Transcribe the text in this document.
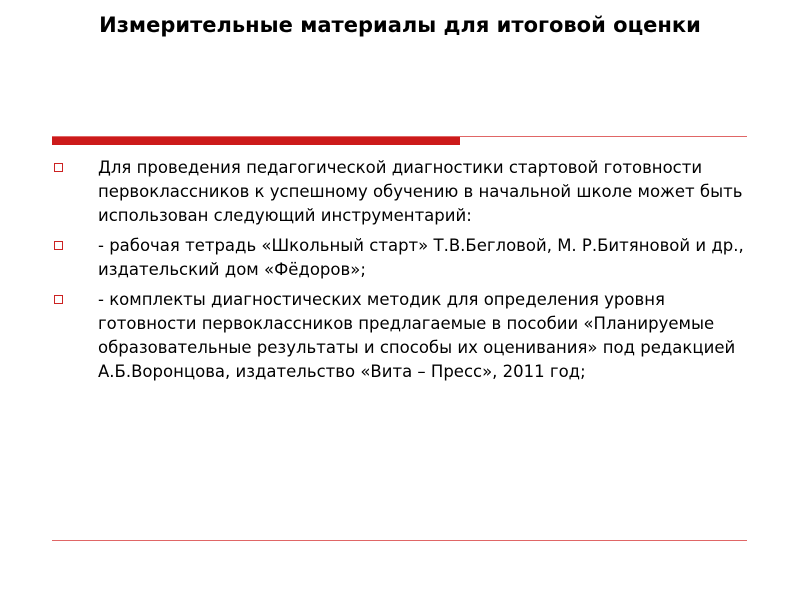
Измерительные материалы для итоговой оценки
Для проведения педагогической диагностики стартовой готовности первоклассников к успешному обучению в начальной школе может быть использован следующий инструментарий:
- рабочая тетрадь «Школьный старт» Т.В.Бегловой, М. Р.Битяновой и др., издательский дом «Фёдоров»;
- комплекты диагностических методик для определения уровня готовности первоклассников предлагаемые в пособии «Планируемые образовательные результаты и способы их оценивания» под редакцией А.Б.Воронцова, издательство «Вита – Пресс», 2011 год;
